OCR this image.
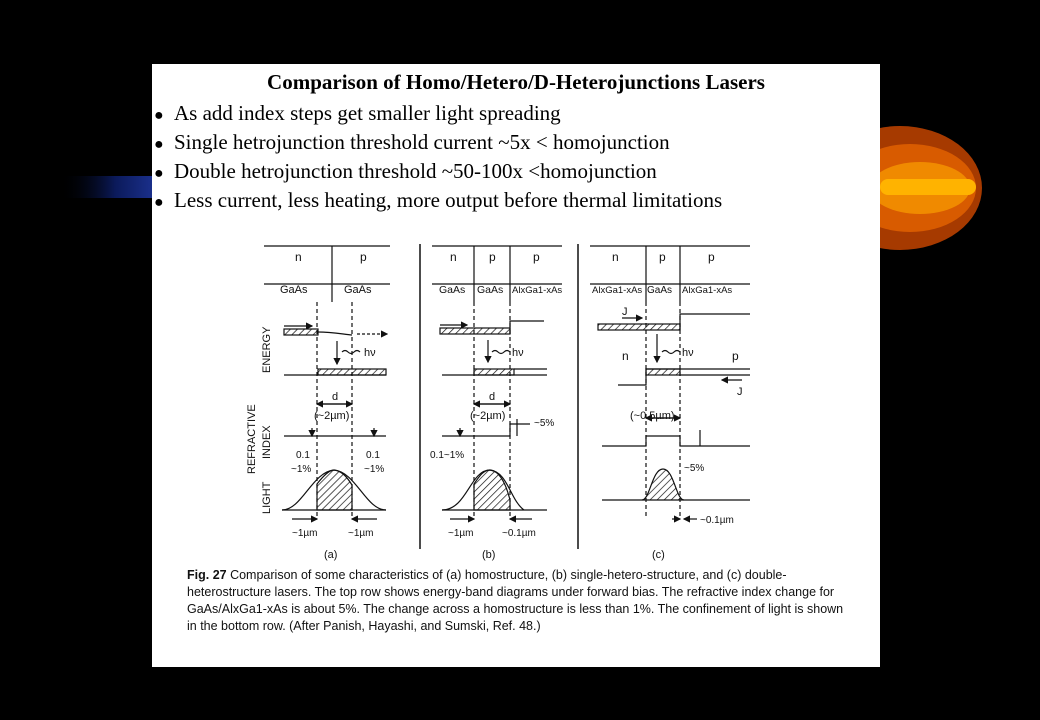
Comparison of Homo/Hetero/D-Heterojunctions Lasers
● As add index steps get smaller light spreading
● Single hetrojunction threshold current ~5x < homojunction
● Double hetrojunction threshold ~50-100x <homojunction
● Less current, less heating, more output before thermal limitations
ENERGY
REFRACTIVE INDEX
LIGHT
n	p
GaAs	GaAs
hν
d
(~2µm)
0.1
~1%
0.1
~1%
~1µm	~1µm
(a)
n	p	p
GaAs GaAs AlxGa1-xAs
hν
d
(~2µm)
~5%
0.1~1%
~1µm	~0.1µm
(b)
n	p	p
AlxGa1-xAs GaAs AlxGa1-xAs
J
n	p
J
hν
(~0.5µm)
~5%
~0.1µm
(c)
Fig. 27 Comparison of some characteristics of (a) homostructure, (b) single-hetero-structure, and (c) double-heterostructure lasers. The top row shows energy-band diagrams under forward bias. The refractive index change for GaAs/AlxGa1-xAs is about 5%. The change across a homostructure is less than 1%. The confinement of light is shown in the bottom row. (After Panish, Hayashi, and Sumski, Ref. 48.)
